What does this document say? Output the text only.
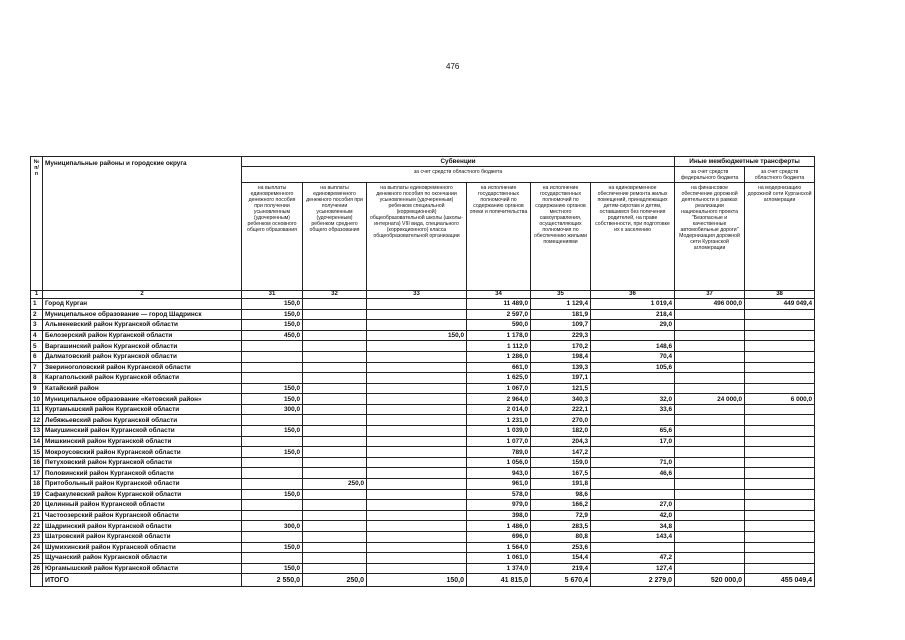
476
№ п/п	Муниципальные районы и городские округа	Субвенции						Иные межбюджетные трансферты	
		за счет средств областного бюджета						за счет средств федерального бюджета	за счет средств областного бюджета
		на выплаты единовременного денежного пособия при получении усыновленным (удочеренным) ребенком основного общего образования	на выплаты единовременного денежного пособия при получении усыновленным (удочеренным) ребенком среднего общего образования	на выплаты единовременного денежного пособия по окончании усыновленным (удочеренным) ребенком специальной (коррекционной) общеобразовательной школы (школы-интерната) VIII вида, специального (коррекционного) класса общеобразовательной организации	на исполнение государственных полномочий по содержанию органов опеки и попечительства	на исполнение государственных полномочий по содержанию органов местного самоуправления, осуществляющих полномочия по обеспечению жилыми помещениями	на единовременное обеспечение ремонта жилых помещений, принадлежащих детям-сиротам и детям, оставшимся без попечения родителей, на праве собственности, при подготовке их к заселению	на финансовое обеспечение дорожной деятельности в рамках реализации национального проекта "Безопасные и качественные автомобильные дороги" Модернизация дорожной сети Курганской агломерации	на модернизацию дорожной сети Курганской агломерации
1	2	31	32	33	34	35	36	37	38
1	Город Курган	150,0			11 489,0	1 129,4	1 019,4	496 000,0	449 049,4
2	Муниципальное образование — город Шадринск	150,0			2 597,0	181,9	218,4		
3	Альменевский район Курганской области	150,0			590,0	109,7	29,0		
4	Белозерский район Курганской области	450,0		150,0	1 178,0	229,3			
5	Варгашинский район Курганской области				1 112,0	170,2	148,6		
6	Далматовский район Курганской области				1 286,0	198,4	70,4		
7	Звериноголовский район Курганской области				661,0	139,3	105,6		
8	Каргапольский район Курганской области				1 625,0	197,1			
9	Катайский район	150,0			1 067,0	121,5			
10	Муниципальное образование «Кетовский район»	150,0			2 964,0	340,3	32,0	24 000,0	6 000,0
11	Куртамышский район Курганской области	300,0			2 014,0	222,1	33,6		
12	Лебяжьевский район Курганской области				1 231,0	270,0			
13	Макушинский район Курганской области	150,0			1 039,0	182,0	65,6		
14	Мишкинский район Курганской области				1 077,0	204,3	17,0		
15	Мокроусовский район Курганской области	150,0			789,0	147,2			
16	Петуховский район Курганской области				1 056,0	159,0	71,0		
17	Половинский район Курганской области				943,0	167,5	46,6		
18	Притобольный район Курганской области		250,0		961,0	191,8			
19	Сафакулевский район Курганской области	150,0			578,0	98,6			
20	Целинный район Курганской области				979,0	166,2	27,0		
21	Частоозерский район Курганской области				398,0	72,9	42,0		
22	Шадринский район Курганской области	300,0			1 486,0	283,5	34,8		
23	Шатровский район Курганской области				696,0	80,8	143,4		
24	Шумихинский район Курганской области	150,0			1 564,0	253,6			
25	Щучанский район Курганской области				1 061,0	154,4	47,2		
26	Юргамышский район Курганской области	150,0			1 374,0	219,4	127,4		
	ИТОГО	2 550,0	250,0	150,0	41 815,0	5 670,4	2 279,0	520 000,0	455 049,4
